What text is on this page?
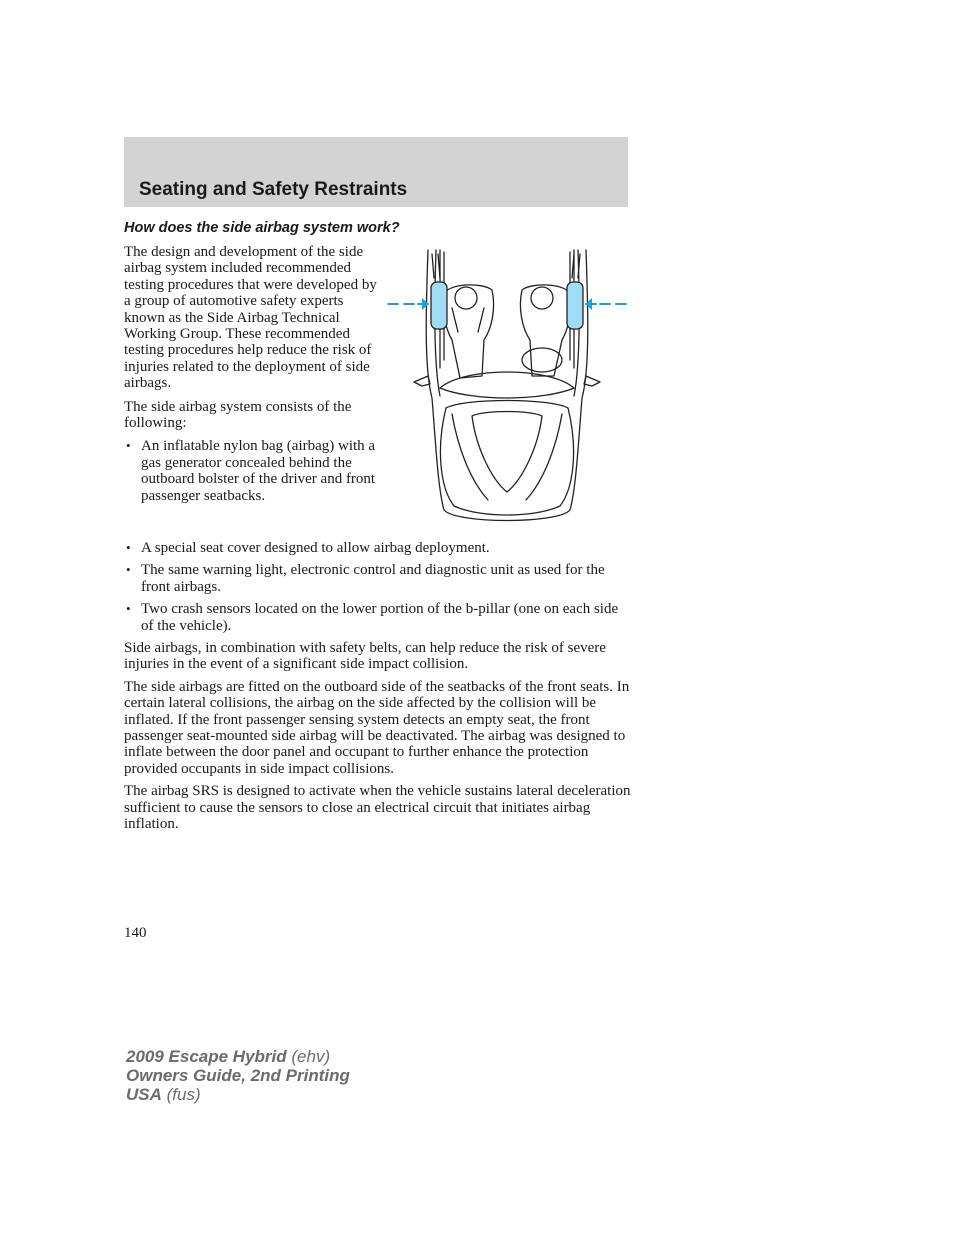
Seating and Safety Restraints
How does the side airbag system work?

The design and development of the side airbag system included recommended testing procedures that were developed by a group of automotive safety experts known as the Side Airbag Technical Working Group. These recommended testing procedures help reduce the risk of injuries related to the deployment of side airbags.

The side airbag system consists of the following:

• An inflatable nylon bag (airbag) with a gas generator concealed behind the outboard bolster of the driver and front passenger seatbacks.
• A special seat cover designed to allow airbag deployment.
• The same warning light, electronic control and diagnostic unit as used for the front airbags.
• Two crash sensors located on the lower portion of the b-pillar (one on each side of the vehicle).

Side airbags, in combination with safety belts, can help reduce the risk of severe injuries in the event of a significant side impact collision.

The side airbags are fitted on the outboard side of the seatbacks of the front seats. In certain lateral collisions, the airbag on the side affected by the collision will be inflated. If the front passenger sensing system detects an empty seat, the front passenger seat-mounted side airbag will be deactivated. The airbag was designed to inflate between the door panel and occupant to further enhance the protection provided occupants in side impact collisions.

The airbag SRS is designed to activate when the vehicle sustains lateral deceleration sufficient to cause the sensors to close an electrical circuit that initiates airbag inflation.

140
2009 Escape Hybrid (ehv)
Owners Guide, 2nd Printing
USA (fus)
